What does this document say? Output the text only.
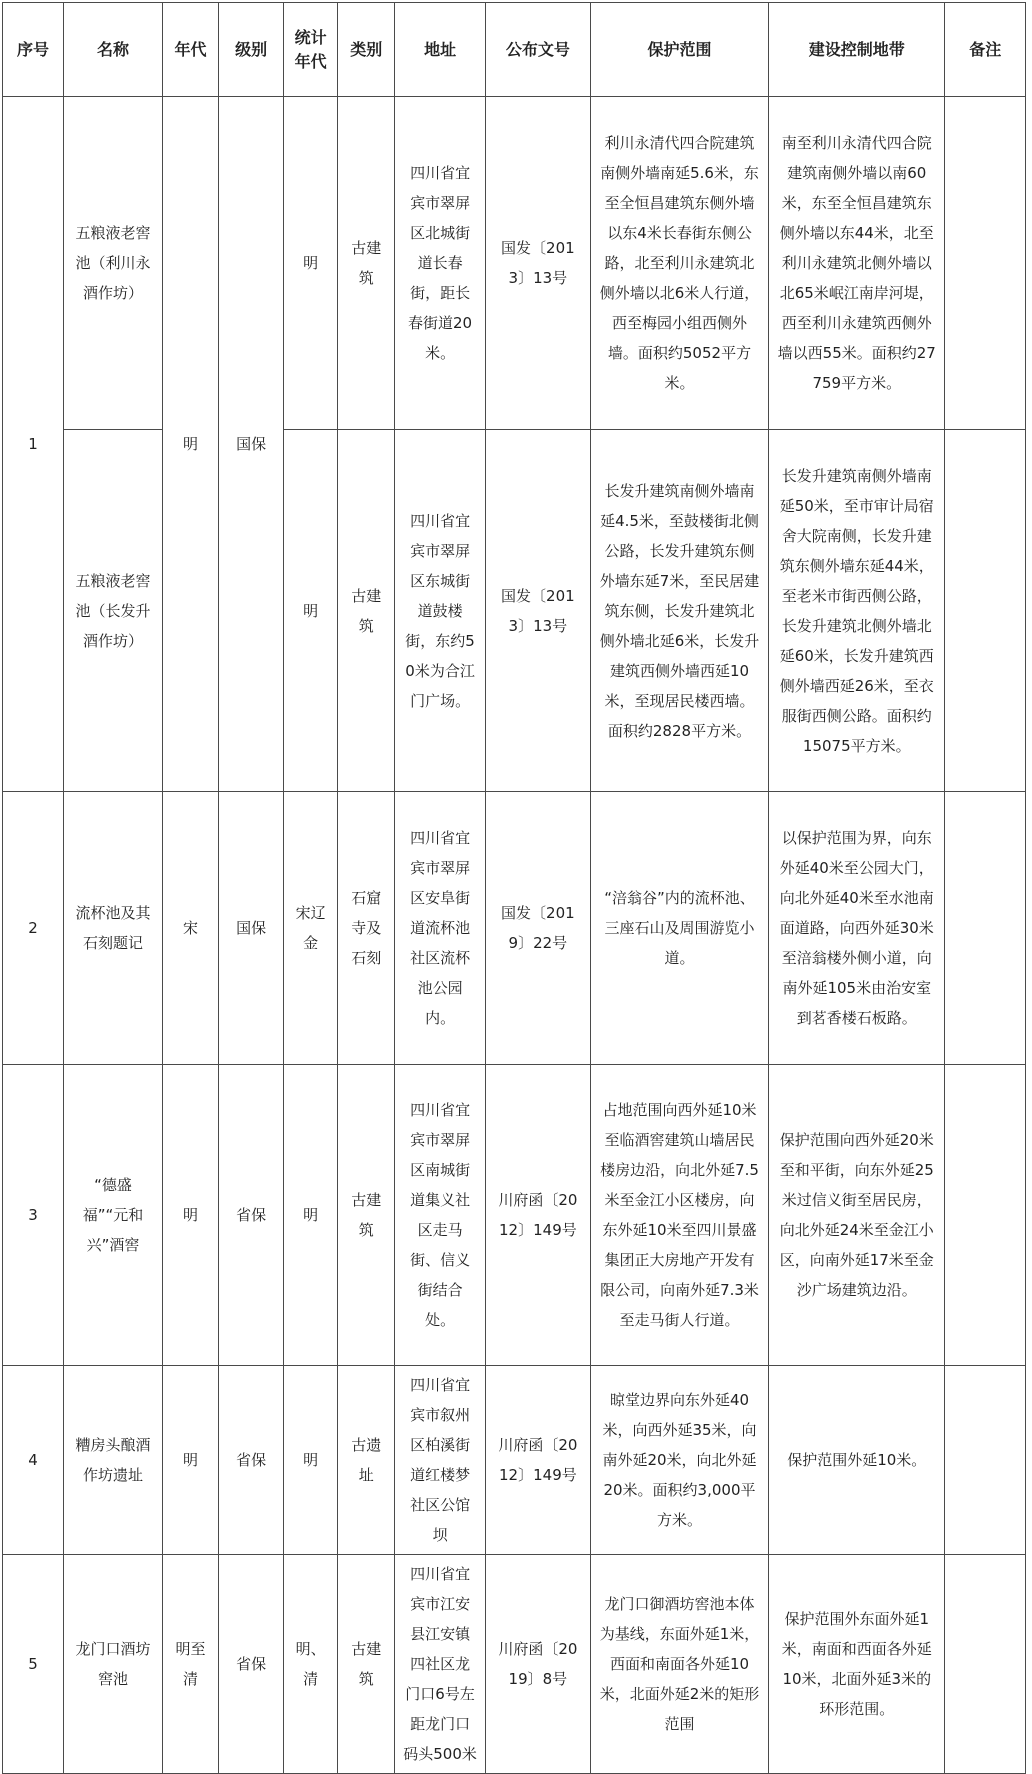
序号	名称	年代	级别	统计年代	类别	地址	公布文号	保护范围	建设控制地带	备注
1	五粮液老窖池（利川永酒作坊）	明	国保	明	古建筑	四川省宜宾市翠屏区北城街道长春街，距长春街道20米。	国发〔2013〕13号	利川永清代四合院建筑南侧外墙南延5.6米，东至全恒昌建筑东侧外墙以东4米长春街东侧公路，北至利川永建筑北侧外墙以北6米人行道，西至梅园小组西侧外墙。面积约5052平方米。	南至利川永清代四合院建筑南侧外墙以南60米，东至全恒昌建筑东侧外墙以东44米，北至利川永建筑北侧外墙以北65米岷江南岸河堤，西至利川永建筑西侧外墙以西55米。面积约27759平方米。	
	五粮液老窖池（长发升酒作坊）			明	古建筑	四川省宜宾市翠屏区东城街道鼓楼街，东约50米为合江门广场。	国发〔2013〕13号	长发升建筑南侧外墙南延4.5米，至鼓楼街北侧公路，长发升建筑东侧外墙东延7米，至民居建筑东侧，长发升建筑北侧外墙北延6米，长发升建筑西侧外墙西延10米，至现居民楼西墙。面积约2828平方米。	长发升建筑南侧外墙南延50米，至市审计局宿舍大院南侧，长发升建筑东侧外墙东延44米，至老米市街西侧公路，长发升建筑北侧外墙北延60米，长发升建筑西侧外墙西延26米，至衣服街西侧公路。面积约15075平方米。	
2	流杯池及其石刻题记	宋	国保	宋辽金	石窟寺及石刻	四川省宜宾市翠屏区安阜街道流杯池社区流杯池公园内。	国发〔2019〕22号	“涪翁谷”内的流杯池、三座石山及周围游览小道。	以保护范围为界，向东外延40米至公园大门，向北外延40米至水池南面道路，向西外延30米至涪翁楼外侧小道，向南外延105米由治安室到茗香楼石板路。	
3	“德盛福”“元和兴”酒窖	明	省保	明	古建筑	四川省宜宾市翠屏区南城街道集义社区走马街、信义街结合处。	川府函〔2012〕149号	占地范围向西外延10米至临酒窖建筑山墙居民楼房边沿，向北外延7.5米至金江小区楼房，向东外延10米至四川景盛集团正大房地产开发有限公司，向南外延7.3米至走马街人行道。	保护范围向西外延20米至和平街，向东外延25米过信义街至居民房，向北外延24米至金江小区，向南外延17米至金沙广场建筑边沿。	
4	糟房头酿酒作坊遗址	明	省保	明	古遗址	四川省宜宾市叙州区柏溪街道红楼梦社区公馆坝	川府函〔2012〕149号	晾堂边界向东外延40米，向西外延35米，向南外延20米，向北外延20米。面积约3,000平方米。	保护范围外延10米。	
5	龙门口酒坊窖池	明至清	省保	明、清	古建筑	四川省宜宾市江安县江安镇四社区龙门口6号左距龙门口码头500米	川府函〔2019〕8号	龙门口御酒坊窖池本体为基线，东面外延1米，西面和南面各外延10米，北面外延2米的矩形范围	保护范围外东面外延1米，南面和西面各外延10米，北面外延3米的环形范围。	
